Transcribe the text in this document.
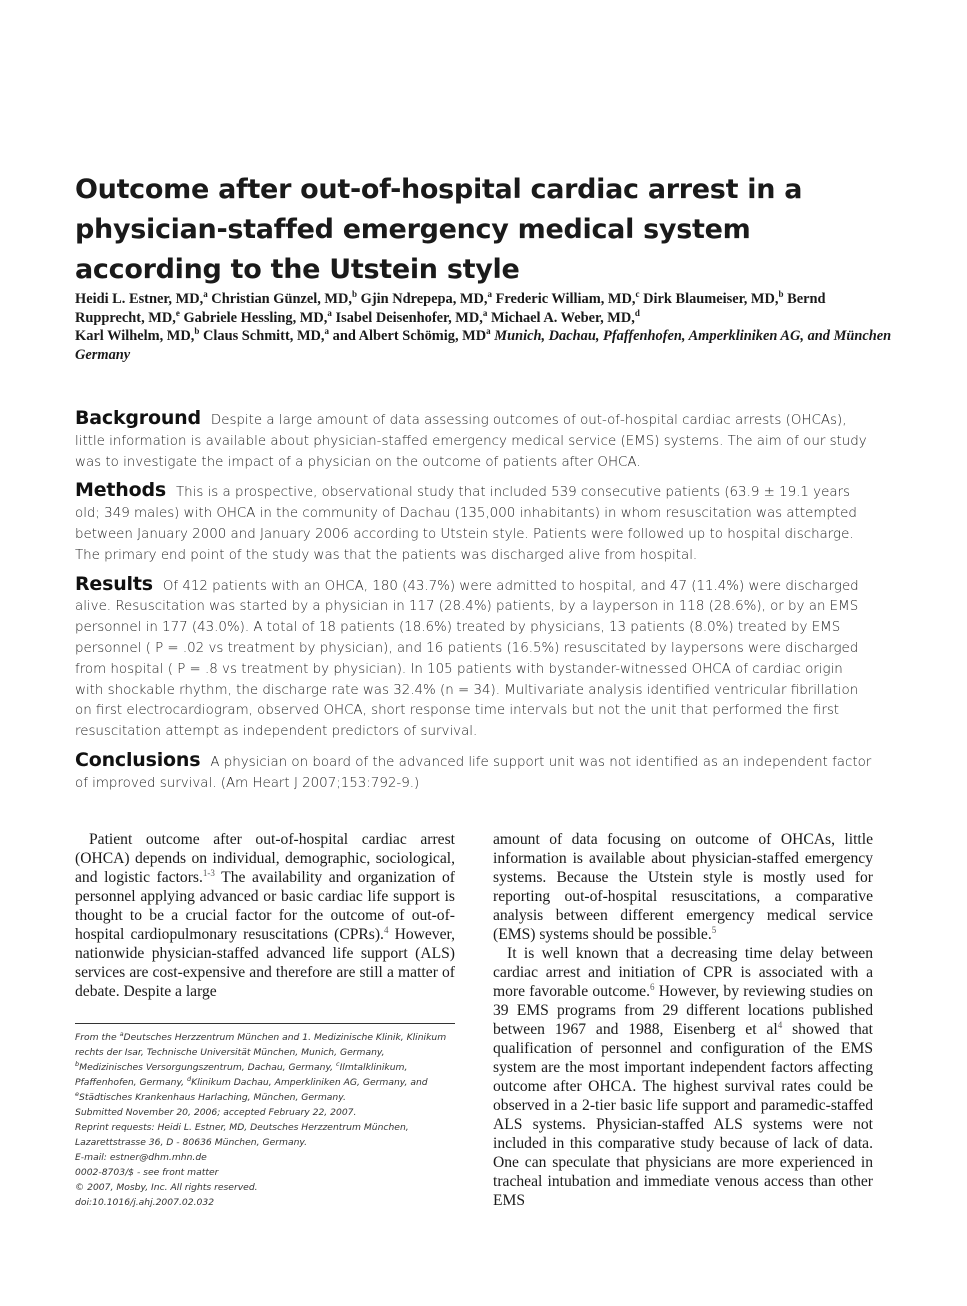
Outcome after out-of-hospital cardiac arrest in a physician-staffed emergency medical system according to the Utstein style
Heidi L. Estner, MD,$^a$ Christian Günzel, MD,$^b$ Gjin Ndrepepa, MD,$^a$ Frederic William, MD,$^c$ Dirk Blaumeiser, MD,$^b$ Bernd Rupprecht, MD,$^e$ Gabriele Hessling, MD,$^a$ Isabel Deisenhofer, MD,$^a$ Michael A. Weber, MD,$^d$
Karl Wilhelm, MD,$^b$ Claus Schmitt, MD,$^a$ and Albert Schömig, $MD^a$ Munich, Dachau, Pfaffenhofen, Amperkliniken AG, and München Germany

Background Despite a large amount of data assessing outcomes of out-of-hospital cardiac arrests (OHCAs), little information is available about physician-staffed emergency medical service (EMS) systems. The aim of our study was to investigate the impact of a physician on the outcome of patients after OHCA.

Methods This is a prospective, observational study that included 539 consecutive patients (63.9 ± 19.1 years old; 349 males) with OHCA in the community of Dachau (135,000 inhabitants) in whom resuscitation was attempted between January 2000 and January 2006 according to Utstein style. Patients were followed up to hospital discharge. The primary end point of the study was that the patients was discharged alive from hospital.

Results Of 412 patients with an OHCA, 180 (43.7%) were admitted to hospital, and 47 (11.4%) were discharged alive. Resuscitation was started by a physician in 117 (28.4%) patients, by a layperson in 118 (28.6%), or by an EMS personnel in 177 (43.0%). A total of 18 patients (18.6%) treated by physicians, 13 patients (8.0%) treated by EMS personnel ( P = .02 vs treatment by physician), and 16 patients (16.5%) resuscitated by laypersons were discharged from hospital ( P = .8 vs treatment by physician). In 105 patients with bystander-witnessed OHCA of cardiac origin with shockable rhythm, the discharge rate was 32.4% (n = 34). Multivariate analysis identified ventricular fibrillation on first electrocardiogram, observed OHCA, short response time intervals but not the unit that performed the first resuscitation attempt as independent predictors of survival.

Conclusions A physician on board of the advanced life support unit was not identified as an independent factor of improved survival. (Am Heart J 2007;153:792-9.)

Patient outcome after out-of-hospital cardiac arrest (OHCA) depends on individual, demographic, sociological, and logistic factors.$^{1-3}$ The availability and organization of personnel applying advanced or basic cardiac life support is thought to be a crucial factor for the outcome of out-of-hospital cardiopulmonary resuscitations (CPRs).$^4$ However, nationwide physician-staffed advanced life support (ALS) services are cost-expensive and therefore are still a matter of debate. Despite a large

From the $^a$Deutsches Herzzentrum München and 1. Medizinische Klinik, Klinikum rechts der Isar, Technische Universität München, Munich, Germany, $^b$Medizinisches Versorgungszentrum, Dachau, Germany, $^c$Ilmtalklinikum, Pfaffenhofen, Germany, $^d$Klinikum Dachau, Amperkliniken AG, Germany, and $^e$Städtisches Krankenhaus Harlaching, München, Germany.
Submitted November 20, 2006; accepted February 22, 2007.
Reprint requests: Heidi L. Estner, MD, Deutsches Herzzentrum München, Lazarettstrasse 36, D - 80636 München, Germany.
E-mail: estner@dhm.mhn.de
0002-8703/$ - see front matter
© 2007, Mosby, Inc. All rights reserved.
doi:10.1016/j.ahj.2007.02.032

amount of data focusing on outcome of OHCAs, little information is available about physician-staffed emergency systems. Because the Utstein style is mostly used for reporting out-of-hospital resuscitations, a comparative analysis between different emergency medical service (EMS) systems should be possible.$^5$

It is well known that a decreasing time delay between cardiac arrest and initiation of CPR is associated with a more favorable outcome.$^6$ However, by reviewing studies on 39 EMS programs from 29 different locations published between 1967 and 1988, Eisenberg et $al^4$ showed that qualification of personnel and configuration of the EMS system are the most important independent factors affecting outcome after OHCA. The highest survival rates could be observed in a 2-tier basic life support and paramedic-staffed ALS systems. Physician-staffed ALS systems were not included in this comparative study because of lack of data. One can speculate that physicians are more experienced in tracheal intubation and immediate venous access than other EMS
